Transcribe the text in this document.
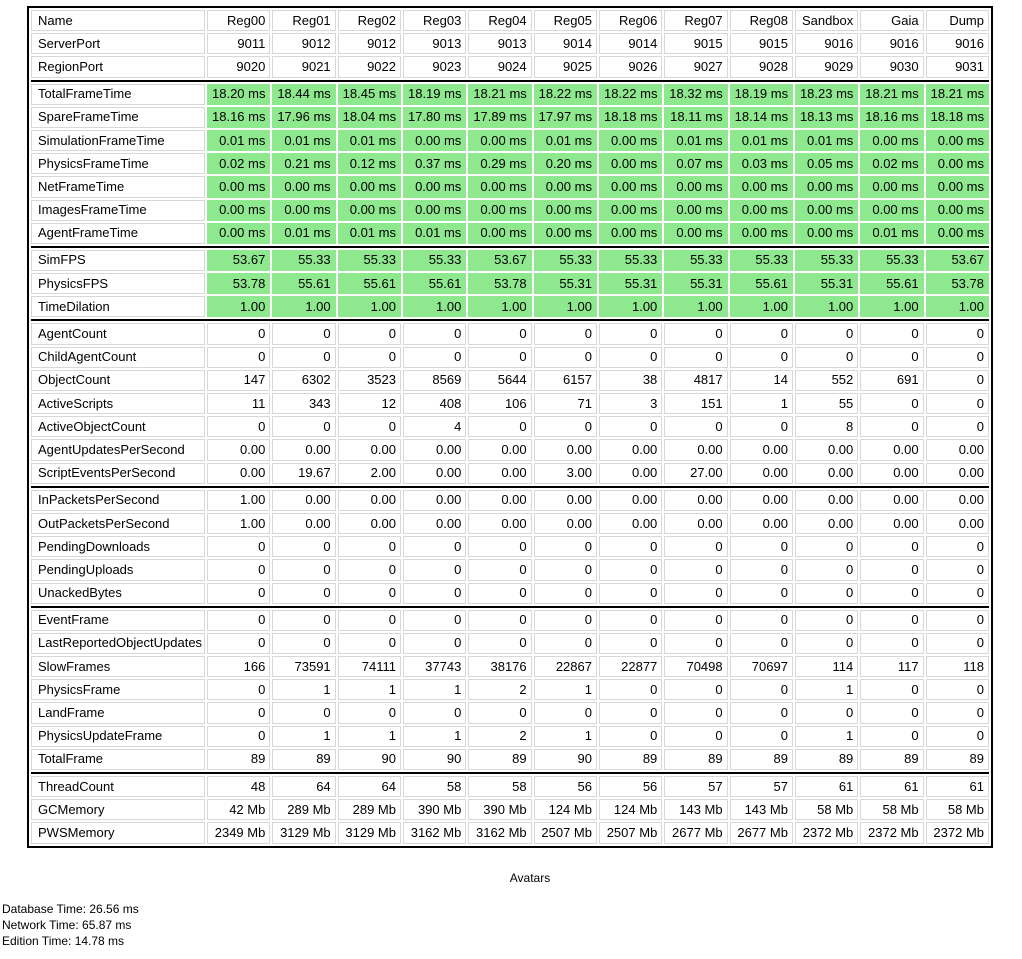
Name	Reg00	Reg01	Reg02	Reg03	Reg04	Reg05	Reg06	Reg07	Reg08	Sandbox	Gaia	Dump
ServerPort	9011	9012	9012	9013	9013	9014	9014	9015	9015	9016	9016	9016
RegionPort	9020	9021	9022	9023	9024	9025	9026	9027	9028	9029	9030	9031

TotalFrameTime	18.20 ms	18.44 ms	18.45 ms	18.19 ms	18.21 ms	18.22 ms	18.22 ms	18.32 ms	18.19 ms	18.23 ms	18.21 ms	18.21 ms
SpareFrameTime	18.16 ms	17.96 ms	18.04 ms	17.80 ms	17.89 ms	17.97 ms	18.18 ms	18.11 ms	18.14 ms	18.13 ms	18.16 ms	18.18 ms
SimulationFrameTime	0.01 ms	0.01 ms	0.01 ms	0.00 ms	0.00 ms	0.01 ms	0.00 ms	0.01 ms	0.01 ms	0.01 ms	0.00 ms	0.00 ms
PhysicsFrameTime	0.02 ms	0.21 ms	0.12 ms	0.37 ms	0.29 ms	0.20 ms	0.00 ms	0.07 ms	0.03 ms	0.05 ms	0.02 ms	0.00 ms
NetFrameTime	0.00 ms	0.00 ms	0.00 ms	0.00 ms	0.00 ms	0.00 ms	0.00 ms	0.00 ms	0.00 ms	0.00 ms	0.00 ms	0.00 ms
ImagesFrameTime	0.00 ms	0.00 ms	0.00 ms	0.00 ms	0.00 ms	0.00 ms	0.00 ms	0.00 ms	0.00 ms	0.00 ms	0.00 ms	0.00 ms
AgentFrameTime	0.00 ms	0.01 ms	0.01 ms	0.01 ms	0.00 ms	0.00 ms	0.00 ms	0.00 ms	0.00 ms	0.00 ms	0.01 ms	0.00 ms

SimFPS	53.67	55.33	55.33	55.33	53.67	55.33	55.33	55.33	55.33	55.33	55.33	53.67
PhysicsFPS	53.78	55.61	55.61	55.61	53.78	55.31	55.31	55.31	55.61	55.31	55.61	53.78
TimeDilation	1.00	1.00	1.00	1.00	1.00	1.00	1.00	1.00	1.00	1.00	1.00	1.00

AgentCount	0	0	0	0	0	0	0	0	0	0	0	0
ChildAgentCount	0	0	0	0	0	0	0	0	0	0	0	0
ObjectCount	147	6302	3523	8569	5644	6157	38	4817	14	552	691	0
ActiveScripts	11	343	12	408	106	71	3	151	1	55	0	0
ActiveObjectCount	0	0	0	4	0	0	0	0	0	8	0	0
AgentUpdatesPerSecond	0.00	0.00	0.00	0.00	0.00	0.00	0.00	0.00	0.00	0.00	0.00	0.00
ScriptEventsPerSecond	0.00	19.67	2.00	0.00	0.00	3.00	0.00	27.00	0.00	0.00	0.00	0.00

InPacketsPerSecond	1.00	0.00	0.00	0.00	0.00	0.00	0.00	0.00	0.00	0.00	0.00	0.00
OutPacketsPerSecond	1.00	0.00	0.00	0.00	0.00	0.00	0.00	0.00	0.00	0.00	0.00	0.00
PendingDownloads	0	0	0	0	0	0	0	0	0	0	0	0
PendingUploads	0	0	0	0	0	0	0	0	0	0	0	0
UnackedBytes	0	0	0	0	0	0	0	0	0	0	0	0

EventFrame	0	0	0	0	0	0	0	0	0	0	0	0
LastReportedObjectUpdates	0	0	0	0	0	0	0	0	0	0	0	0
SlowFrames	166	73591	74111	37743	38176	22867	22877	70498	70697	114	117	118
PhysicsFrame	0	1	1	1	2	1	0	0	0	1	0	0
LandFrame	0	0	0	0	0	0	0	0	0	0	0	0
PhysicsUpdateFrame	0	1	1	1	2	1	0	0	0	1	0	0
TotalFrame	89	89	90	90	89	90	89	89	89	89	89	89

ThreadCount	48	64	64	58	58	56	56	57	57	61	61	61
GCMemory	42 Mb	289 Mb	289 Mb	390 Mb	390 Mb	124 Mb	124 Mb	143 Mb	143 Mb	58 Mb	58 Mb	58 Mb
PWSMemory	2349 Mb	3129 Mb	3129 Mb	3162 Mb	3162 Mb	2507 Mb	2507 Mb	2677 Mb	2677 Mb	2372 Mb	2372 Mb	2372 Mb
Avatars
Database Time: 26.56 ms
Network Time: 65.87 ms
Edition Time: 14.78 ms
